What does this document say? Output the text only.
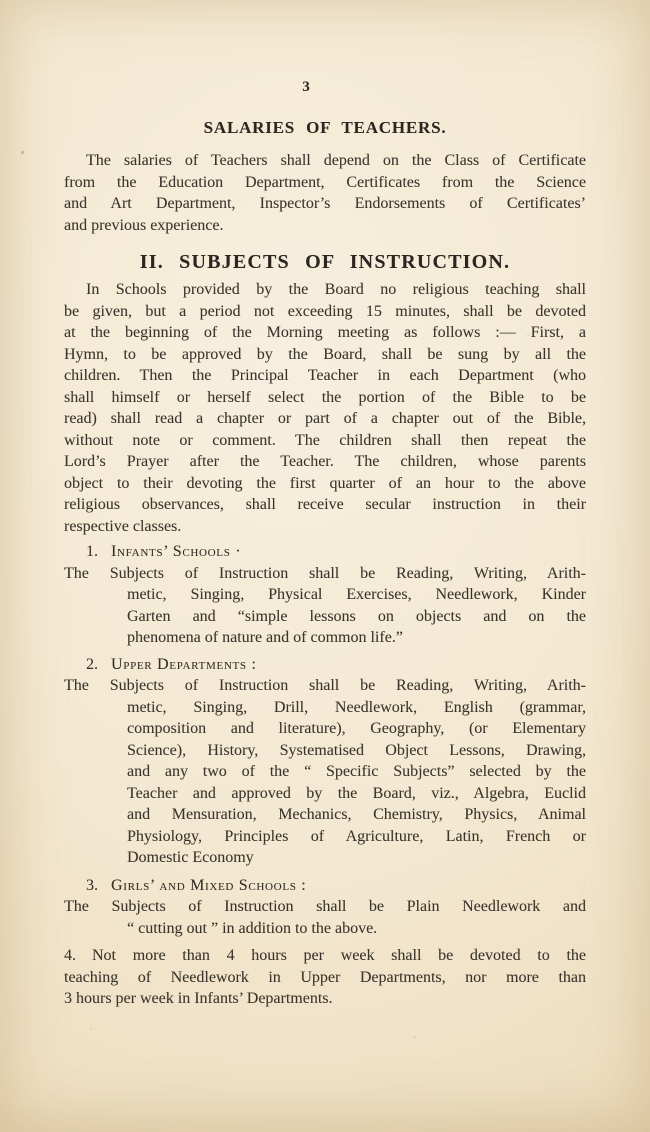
3
SALARIES OF TEACHERS.
The salaries of Teachers shall depend on the Class of Certificate
from the Education Department, Certificates from the Science
and Art Department, Inspector’s Endorsements of Certificates’
and previous experience.
II. SUBJECTS OF INSTRUCTION.
In Schools provided by the Board no religious teaching shall
be given, but a period not exceeding 15 minutes, shall be devoted
at the beginning of the Morning meeting as follows :— First, a
Hymn, to be approved by the Board, shall be sung by all the
children. Then the Principal Teacher in each Department (who
shall himself or herself select the portion of the Bible to be
read) shall read a chapter or part of a chapter out of the Bible,
without note or comment. The children shall then repeat the
Lord’s Prayer after the Teacher. The children, whose parents
object to their devoting the first quarter of an hour to the above
religious observances, shall receive secular instruction in their
respective classes.
1. Infants’ Schools ·
The Subjects of Instruction shall be Reading, Writing, Arith-
metic, Singing, Physical Exercises, Needlework, Kinder
Garten and “simple lessons on objects and on the
phenomena of nature and of common life.”
2. Upper Departments :
The Subjects of Instruction shall be Reading, Writing, Arith-
metic, Singing, Drill, Needlework, English (grammar,
composition and literature), Geography, (or Elementary
Science), History, Systematised Object Lessons, Drawing,
and any two of the “ Specific Subjects” selected by the
Teacher and approved by the Board, viz., Algebra, Euclid
and Mensuration, Mechanics, Chemistry, Physics, Animal
Physiology, Principles of Agriculture, Latin, French or
Domestic Economy
3. Girls’ and Mixed Schools :
The Subjects of Instruction shall be Plain Needlework and
“ cutting out ” in addition to the above.
4. Not more than 4 hours per week shall be devoted to the
teaching of Needlework in Upper Departments, nor more than
3 hours per week in Infants’ Departments.
